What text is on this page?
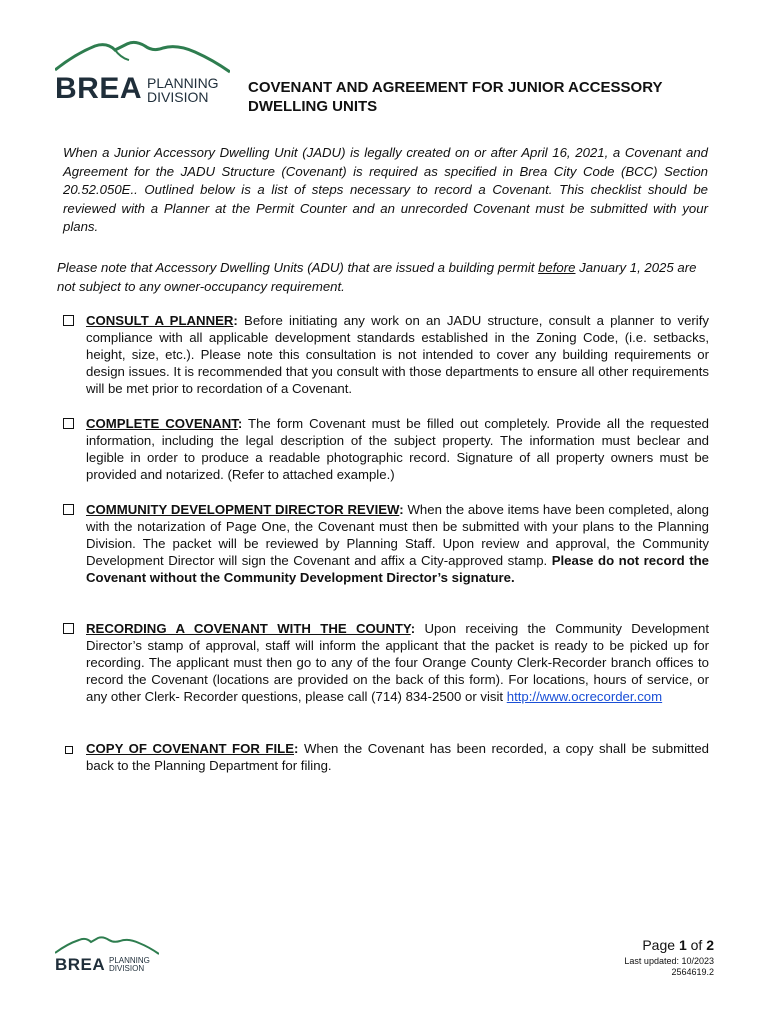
BREA PLANNING
DIVISION
COVENANT AND AGREEMENT FOR JUNIOR ACCESSORY
DWELLING UNITS
When a Junior Accessory Dwelling Unit (JADU) is legally created on or after April 16, 2021, a Covenant and Agreement for the JADU Structure (Covenant) is required as specified in Brea City Code (BCC) Section 20.52.050E.. Outlined below is a list of steps necessary to record a Covenant. This checklist should be reviewed with a Planner at the Permit Counter and an unrecorded Covenant must be submitted with your plans.
Please note that Accessory Dwelling Units (ADU) that are issued a building permit before January 1, 2025 are not subject to any owner-occupancy requirement.
CONSULT A PLANNER: Before initiating any work on an JADU structure, consult a planner to verify compliance with all applicable development standards established in the Zoning Code, (i.e. setbacks, height, size, etc.). Please note this consultation is not intended to cover any building requirements or design issues. It is recommended that you consult with those departments to ensure all other requirements will be met prior to recordation of a Covenant.
COMPLETE COVENANT: The form Covenant must be filled out completely. Provide all the requested information, including the legal description of the subject property. The information must beclear and legible in order to produce a readable photographic record. Signature of all property owners must be provided and notarized. (Refer to attached example.)
COMMUNITY DEVELOPMENT DIRECTOR REVIEW: When the above items have been completed, along with the notarization of Page One, the Covenant must then be submitted with your plans to the Planning Division. The packet will be reviewed by Planning Staff. Upon review and approval, the Community Development Director will sign the Covenant and affix a City-approved stamp. Please do not record the Covenant without the Community Development Director’s signature.
RECORDING A COVENANT WITH THE COUNTY: Upon receiving the Community Development Director’s stamp of approval, staff will inform the applicant that the packet is ready to be picked up for recording. The applicant must then go to any of the four Orange County Clerk-Recorder branch offices to record the Covenant (locations are provided on the back of this form). For locations, hours of service, or any other Clerk- Recorder questions, please call (714) 834-2500 or visit http://www.ocrecorder.com
COPY OF COVENANT FOR FILE: When the Covenant has been recorded, a copy shall be submitted back to the Planning Department for filing.
BREA PLANNING
DIVISION
Page 1 of 2
Last updated: 10/2023
2564619.2
